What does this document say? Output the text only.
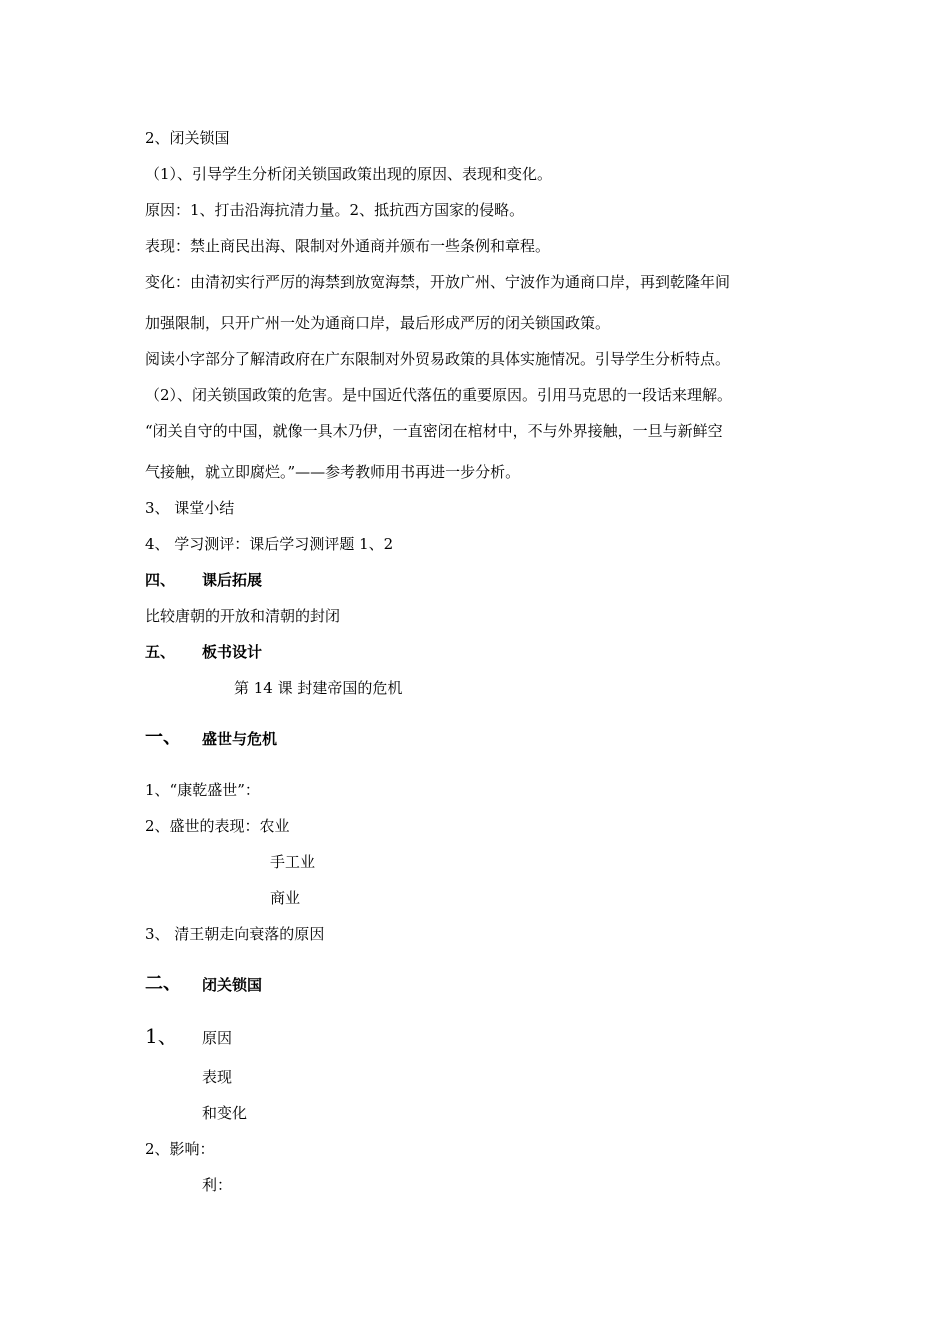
2、闭关锁国
（1）、引导学生分析闭关锁国政策出现的原因、表现和变化。
原因：1、打击沿海抗清力量。2、抵抗西方国家的侵略。
表现：禁止商民出海、限制对外通商并颁布一些条例和章程。
变化：由清初实行严厉的海禁到放宽海禁，开放广州、宁波作为通商口岸，再到乾隆年间
加强限制，只开广州一处为通商口岸，最后形成严厉的闭关锁国政策。
阅读小字部分了解清政府在广东限制对外贸易政策的具体实施情况。引导学生分析特点。
（2）、闭关锁国政策的危害。是中国近代落伍的重要原因。引用马克思的一段话来理解。
“闭关自守的中国，就像一具木乃伊，一直密闭在棺材中，不与外界接触，一旦与新鲜空
气接触，就立即腐烂。”——参考教师用书再进一步分析。
3、 课堂小结
4、 学习测评：课后学习测评题 1、2
四、 课后拓展
比较唐朝的开放和清朝的封闭
五、 板书设计
第 14 课 封建帝国的危机
一、 盛世与危机
1、“康乾盛世”：
2、盛世的表现：农业
手工业
商业
3、 清王朝走向衰落的原因
二、 闭关锁国
1、 原因
表现
和变化
2、影响：
利：
